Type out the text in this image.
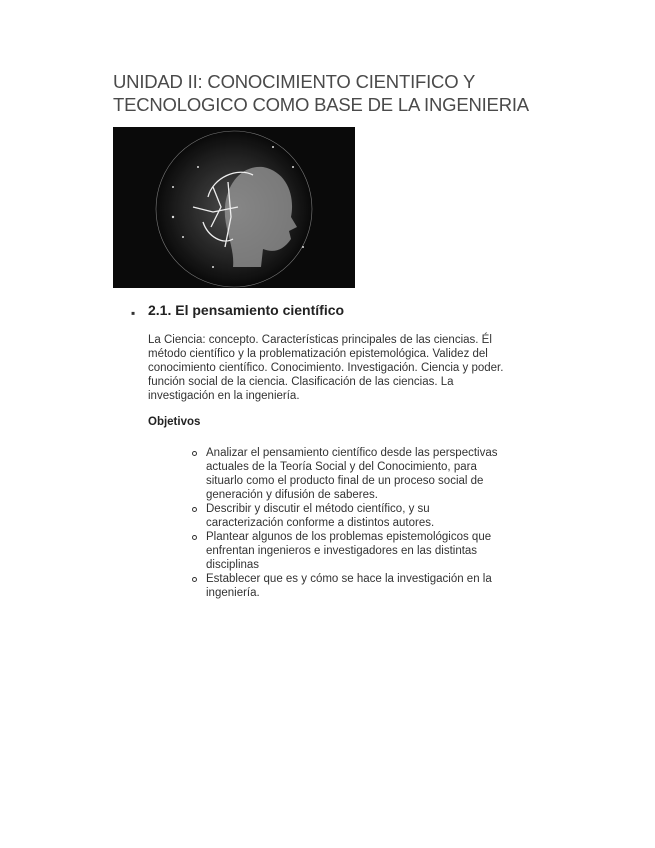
UNIDAD II: CONOCIMIENTO CIENTIFICO Y
TECNOLOGICO COMO BASE DE LA INGENIERIA
▪ 2.1. El pensamiento científico
La Ciencia: concepto. Características principales de las ciencias. Él
método científico y la problematización epistemológica. Validez del
conocimiento científico. Conocimiento. Investigación. Ciencia y poder.
función social de la ciencia. Clasificación de las ciencias. La
investigación en la ingeniería.
Objetivos
Analizar el pensamiento científico desde las perspectivas
actuales de la Teoría Social y del Conocimiento, para
situarlo como el producto final de un proceso social de
generación y difusión de saberes.
Describir y discutir el método científico, y su
caracterización conforme a distintos autores.
Plantear algunos de los problemas epistemológicos que
enfrentan ingenieros e investigadores en las distintas
disciplinas
Establecer que es y cómo se hace la investigación en la
ingeniería.
